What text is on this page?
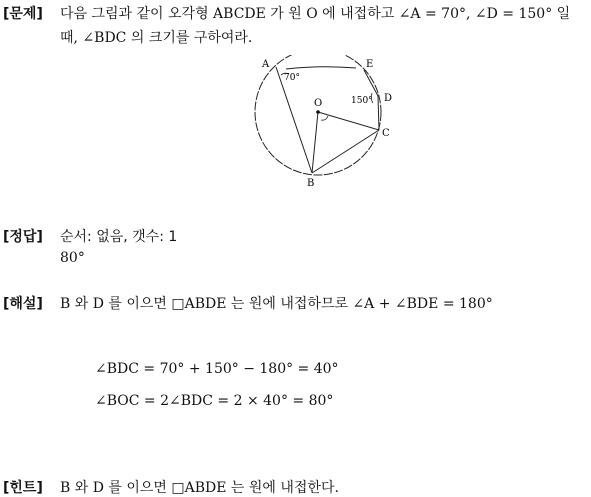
[문제] 다음 그림과 같이 오각형 ABCDE 가 원 O 에 내접하고 ∠A = 70°, ∠D = 150° 일
때, ∠BDC 의 크기를 구하여라.
A	E
D
O
C
B
70°
150°
[정답] 순서: 없음, 갯수: 1
80°
[해설] B 와 D 를 이으면 □ABDE 는 원에 내접하므로 ∠A + ∠BDE = 180°
∠BDC = 70° + 150° − 180° = 40°
∠BOC = 2∠BDC = 2 × 40° = 80°
[힌트] B 와 D 를 이으면 □ABDE 는 원에 내접한다.
